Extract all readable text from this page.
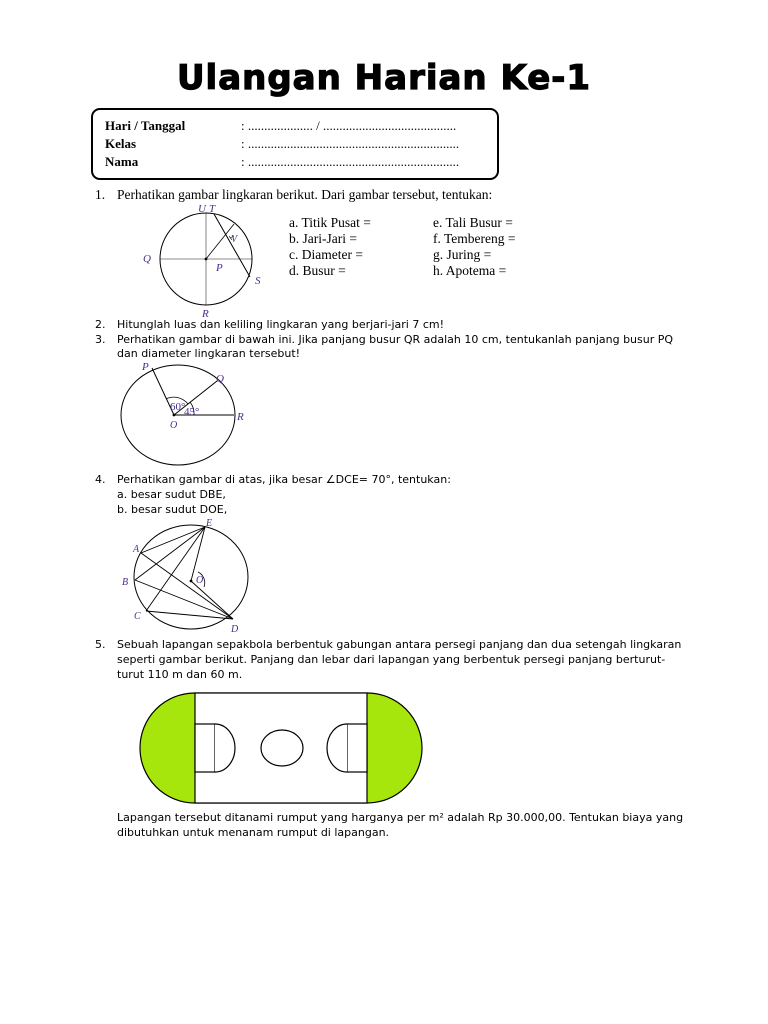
Ulangan Harian Ke-1
Hari / Tanggal	: .................... / .........................................
Kelas	: .................................................................
Nama	: .................................................................
1. Perhatikan gambar lingkaran berikut. Dari gambar tersebut, tentukan:
U T
V
Q
P
S
R
a. Titik Pusat =
b. Jari-Jari =
c. Diameter =
d. Busur =
e. Tali Busur =
f. Tembereng =
g. Juring =
h. Apotema =
2. Hitunglah luas dan keliling lingkaran yang berjari-jari 7 cm!
3. Perhatikan gambar di bawah ini. Jika panjang busur QR adalah 10 cm, tentukanlah panjang busur PQ
dan diameter lingkaran tersebut!
P
Q
R
O
60°
45°
4. Perhatikan gambar di atas, jika besar ∠DCE= 70°, tentukan:
a. besar sudut DBE,
b. besar sudut DOE,
E
A
B
C
D
O
5. Sebuah lapangan sepakbola berbentuk gabungan antara persegi panjang dan dua setengah lingkaran
seperti gambar berikut. Panjang dan lebar dari lapangan yang berbentuk persegi panjang berturut-
turut 110 m dan 60 m.
Lapangan tersebut ditanami rumput yang harganya per m² adalah Rp 30.000,00. Tentukan biaya yang
dibutuhkan untuk menanam rumput di lapangan.
